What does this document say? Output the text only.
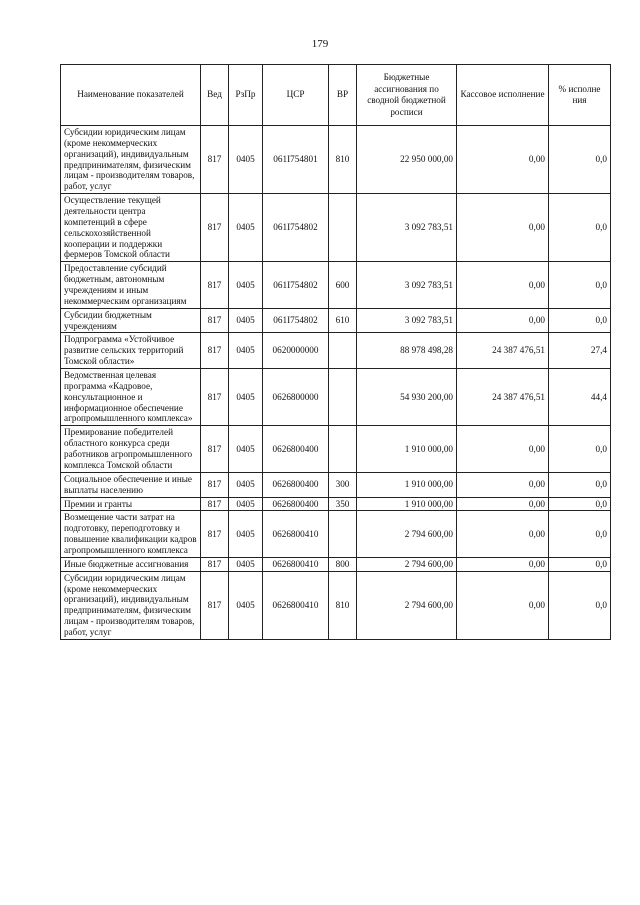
179
Наименование показателей	Вед	РзПр	ЦСР	ВР	Бюджетные ассигнования по сводной бюджетной росписи	Кассовое исполнение	% исполне ния
Субсидии юридическим лицам (кроме некоммерческих организаций), индивидуальным предпринимателям, физическим лицам - производителям товаров, работ, услуг	817	0405	061I754801	810	22 950 000,00	0,00	0,0
Осуществление текущей деятельности центра компетенций в сфере сельскохозяйственной кооперации и поддержки фермеров Томской области	817	0405	061I754802		3 092 783,51	0,00	0,0
Предоставление субсидий бюджетным, автономным учреждениям и иным некоммерческим организациям	817	0405	061I754802	600	3 092 783,51	0,00	0,0
Субсидии бюджетным учреждениям	817	0405	061I754802	610	3 092 783,51	0,00	0,0
Подпрограмма «Устойчивое развитие сельских территорий Томской области»	817	0405	0620000000		88 978 498,28	24 387 476,51	27,4
Ведомственная целевая программа «Кадровое, консультационное и информационное обеспечение агропромышленного комплекса»	817	0405	0626800000		54 930 200,00	24 387 476,51	44,4
Премирование победителей областного конкурса среди работников агропромышленного комплекса Томской области	817	0405	0626800400		1 910 000,00	0,00	0,0
Социальное обеспечение и иные выплаты населению	817	0405	0626800400	300	1 910 000,00	0,00	0,0
Премии и гранты	817	0405	0626800400	350	1 910 000,00	0,00	0,0
Возмещение части затрат на подготовку, переподготовку и повышение квалификации кадров агропромышленного комплекса	817	0405	0626800410		2 794 600,00	0,00	0,0
Иные бюджетные ассигнования	817	0405	0626800410	800	2 794 600,00	0,00	0,0
Субсидии юридическим лицам (кроме некоммерческих организаций), индивидуальным предпринимателям, физическим лицам - производителям товаров, работ, услуг	817	0405	0626800410	810	2 794 600,00	0,00	0,0
